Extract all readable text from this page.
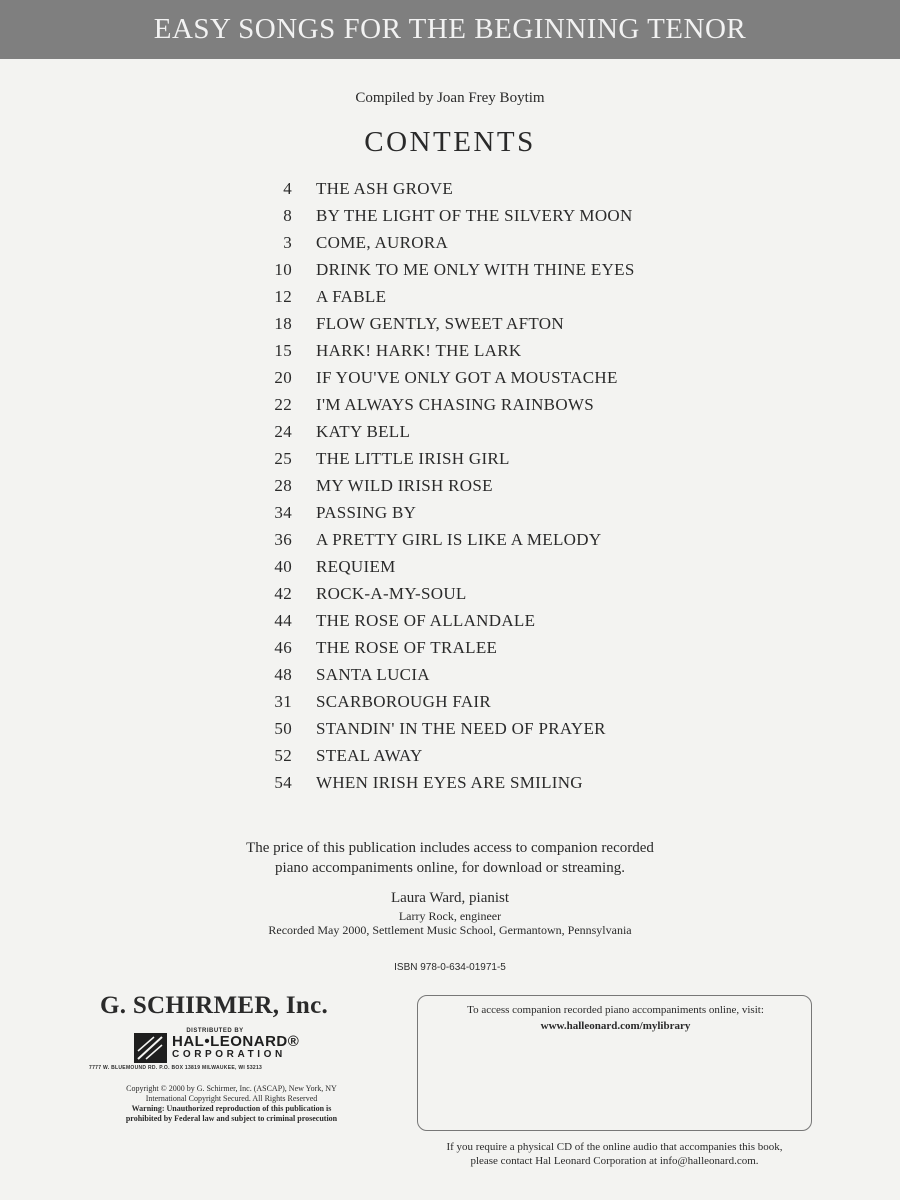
EASY SONGS FOR THE BEGINNING TENOR
Compiled by Joan Frey Boytim
CONTENTS
4 THE ASH GROVE
8 BY THE LIGHT OF THE SILVERY MOON
3 COME, AURORA
10 DRINK TO ME ONLY WITH THINE EYES
12 A FABLE
18 FLOW GENTLY, SWEET AFTON
15 HARK! HARK! THE LARK
20 IF YOU'VE ONLY GOT A MOUSTACHE
22 I'M ALWAYS CHASING RAINBOWS
24 KATY BELL
25 THE LITTLE IRISH GIRL
28 MY WILD IRISH ROSE
34 PASSING BY
36 A PRETTY GIRL IS LIKE A MELODY
40 REQUIEM
42 ROCK-A-MY-SOUL
44 THE ROSE OF ALLANDALE
46 THE ROSE OF TRALEE
48 SANTA LUCIA
31 SCARBOROUGH FAIR
50 STANDIN' IN THE NEED OF PRAYER
52 STEAL AWAY
54 WHEN IRISH EYES ARE SMILING
The price of this publication includes access to companion recorded
piano accompaniments online, for download or streaming.
Laura Ward, pianist
Larry Rock, engineer
Recorded May 2000, Settlement Music School, Germantown, Pennsylvania
ISBN 978-0-634-01971-5
G. SCHIRMER, Inc.
DISTRIBUTED BY
HAL•LEONARD®
CORPORATION
7777 W. BLUEMOUND RD. P.O. BOX 13819 MILWAUKEE, WI 53213
Copyright © 2000 by G. Schirmer, Inc. (ASCAP), New York, NY
International Copyright Secured. All Rights Reserved
Warning: Unauthorized reproduction of this publication is
prohibited by Federal law and subject to criminal prosecution
To access companion recorded piano accompaniments online, visit:
www.halleonard.com/mylibrary
If you require a physical CD of the online audio that accompanies this book,
please contact Hal Leonard Corporation at info@halleonard.com.
